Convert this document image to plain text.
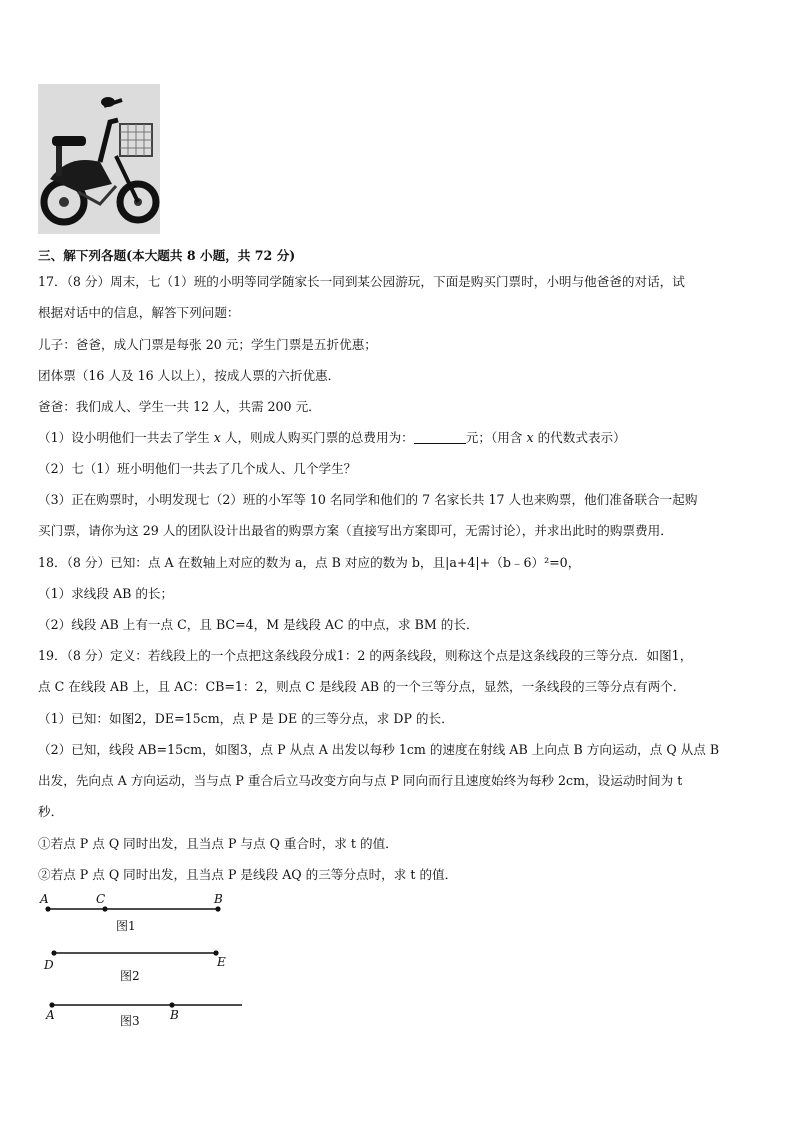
三、解下列各题(本大题共 8 小题，共 72 分)
17．（8 分）周末，七（1）班的小明等同学随家长一同到某公园游玩，下面是购买门票时，小明与他爸爸的对话，试
根据对话中的信息，解答下列问题：
儿子：爸爸，成人门票是每张 20 元；学生门票是五折优惠；
团体票（16 人及 16 人以上），按成人票的六折优惠．
爸爸：我们成人、学生一共 12 人，共需 200 元．
（1）设小明他们一共去了学生 x 人，则成人购买门票的总费用为：	元；（用含 x 的代数式表示）
（2）七（1）班小明他们一共去了几个成人、几个学生？
（3）正在购票时，小明发现七（2）班的小军等 10 名同学和他们的 7 名家长共 17 人也来购票，他们准备联合一起购
买门票，请你为这 29 人的团队设计出最省的购票方案（直接写出方案即可，无需讨论），并求出此时的购票费用．
18．（8 分）已知：点 A 在数轴上对应的数为 a，点 B 对应的数为 b，且|a+4|+（b﹣6）²=0，
（1）求线段 AB 的长；
（2）线段 AB 上有一点 C，且 BC=4，M 是线段 AC 的中点，求 BM 的长．
19．（8 分）定义：若线段上的一个点把这条线段分成1：2 的两条线段，则称这个点是这条线段的三等分点．如图1，
点 C 在线段 AB 上，且 AC：CB=1：2，则点 C 是线段 AB 的一个三等分点，显然，一条线段的三等分点有两个．
（1）已知：如图2，DE=15cm，点 P 是 DE 的三等分点，求 DP 的长．
（2）已知，线段 AB=15cm，如图3，点 P 从点 A 出发以每秒 1cm 的速度在射线 AB 上向点 B 方向运动，点 Q 从点 B
出发，先向点 A 方向运动，当与点 P 重合后立马改变方向与点 P 同向而行且速度始终为每秒 2cm，设运动时间为 t
秒．
①若点 P 点 Q 同时出发，且当点 P 与点 Q 重合时，求 t 的值．
②若点 P 点 Q 同时出发，且当点 P 是线段 AQ 的三等分点时，求 t 的值．
A	C	B
图1
D	E
图2
A	B
图3
